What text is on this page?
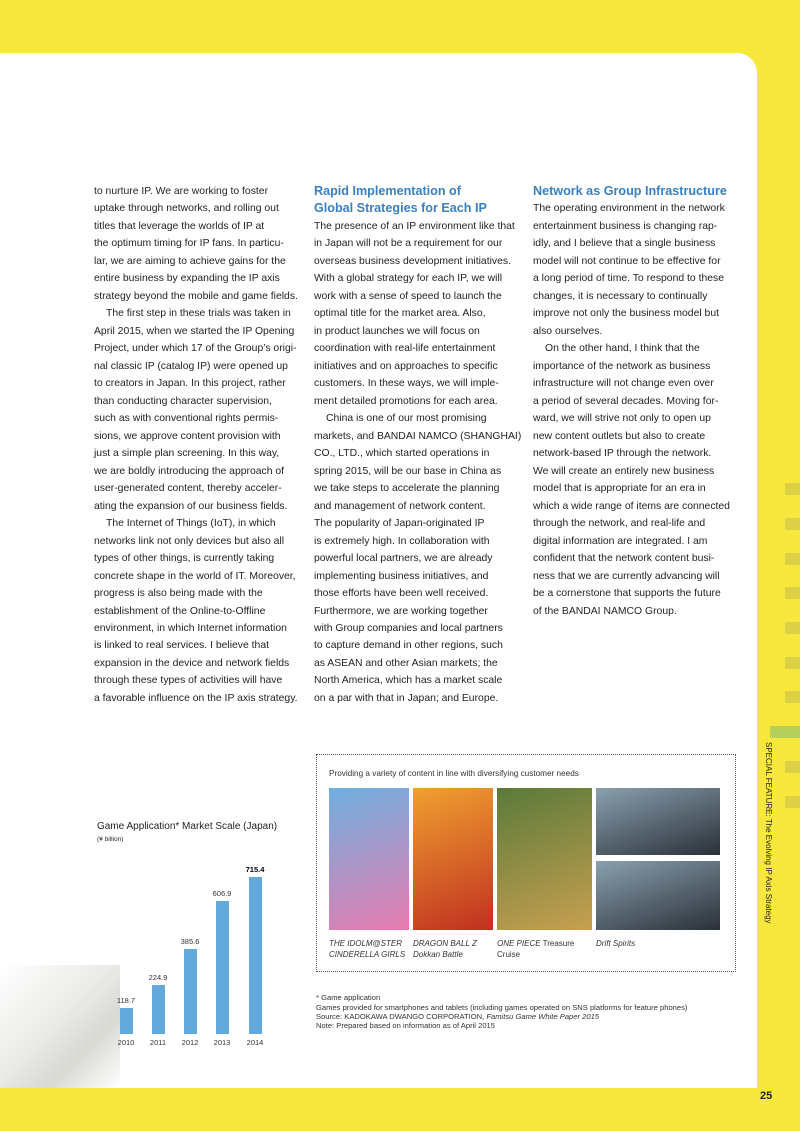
to nurture IP. We are working to foster
uptake through networks, and rolling out
titles that leverage the worlds of IP at
the optimum timing for IP fans. In particu-
lar, we are aiming to achieve gains for the
entire business by expanding the IP axis
strategy beyond the mobile and game fields.
The first step in these trials was taken in
April 2015, when we started the IP Opening
Project, under which 17 of the Group’s origi-
nal classic IP (catalog IP) were opened up
to creators in Japan. In this project, rather
than conducting character supervision,
such as with conventional rights permis-
sions, we approve content provision with
just a simple plan screening. In this way,
we are boldly introducing the approach of
user-generated content, thereby acceler-
ating the expansion of our business fields.
The Internet of Things (IoT), in which
networks link not only devices but also all
types of other things, is currently taking
concrete shape in the world of IT. Moreover,
progress is also being made with the
establishment of the Online-to-Offline
environment, in which Internet information
is linked to real services. I believe that
expansion in the device and network fields
through these types of activities will have
a favorable influence on the IP axis strategy.
Rapid Implementation of
Global Strategies for Each IP
The presence of an IP environment like that
in Japan will not be a requirement for our
overseas business development initiatives.
With a global strategy for each IP, we will
work with a sense of speed to launch the
optimal title for the market area. Also,
in product launches we will focus on
coordination with real-life entertainment
initiatives and on approaches to specific
customers. In these ways, we will imple-
ment detailed promotions for each area.
China is one of our most promising
markets, and BANDAI NAMCO (SHANGHAI)
CO., LTD., which started operations in
spring 2015, will be our base in China as
we take steps to accelerate the planning
and management of network content.
The popularity of Japan-originated IP
is extremely high. In collaboration with
powerful local partners, we are already
implementing business initiatives, and
those efforts have been well received.
Furthermore, we are working together
with Group companies and local partners
to capture demand in other regions, such
as ASEAN and other Asian markets; the
North America, which has a market scale
on a par with that in Japan; and Europe.
Network as Group Infrastructure
The operating environment in the network
entertainment business is changing rap-
idly, and I believe that a single business
model will not continue to be effective for
a long period of time. To respond to these
changes, it is necessary to continually
improve not only the business model but
also ourselves.
On the other hand, I think that the
importance of the network as business
infrastructure will not change even over
a period of several decades. Moving for-
ward, we will strive not only to open up
new content outlets but also to create
network-based IP through the network.
We will create an entirely new business
model that is appropriate for an era in
which a wide range of items are connected
through the network, and real-life and
digital information are integrated. I am
confident that the network content busi-
ness that we are currently advancing will
be a cornerstone that supports the future
of the BANDAI NAMCO Group.
Providing a variety of content in line with diversifying customer needs
THE IDOLM@STER
CINDERELLA GIRLS
DRAGON BALL Z
Dokkan Battle
ONE PIECE Treasure
Cruise
Drift Spirits

* Game application
Games provided for smartphones and tablets (including games operated on SNS platforms for feature phones)
Source: KADOKAWA DWANGO CORPORATION, Famitsu Game White Paper 2015
Note: Prepared based on information as of April 2015
Game Application* Market Scale (Japan)
(¥ billion)
118.7
2010
224.9
2011
385.6
2012
606.9
2013
715.4
2014
SPECIAL FEATURE: The Evolving IP Axis Strategy
25
